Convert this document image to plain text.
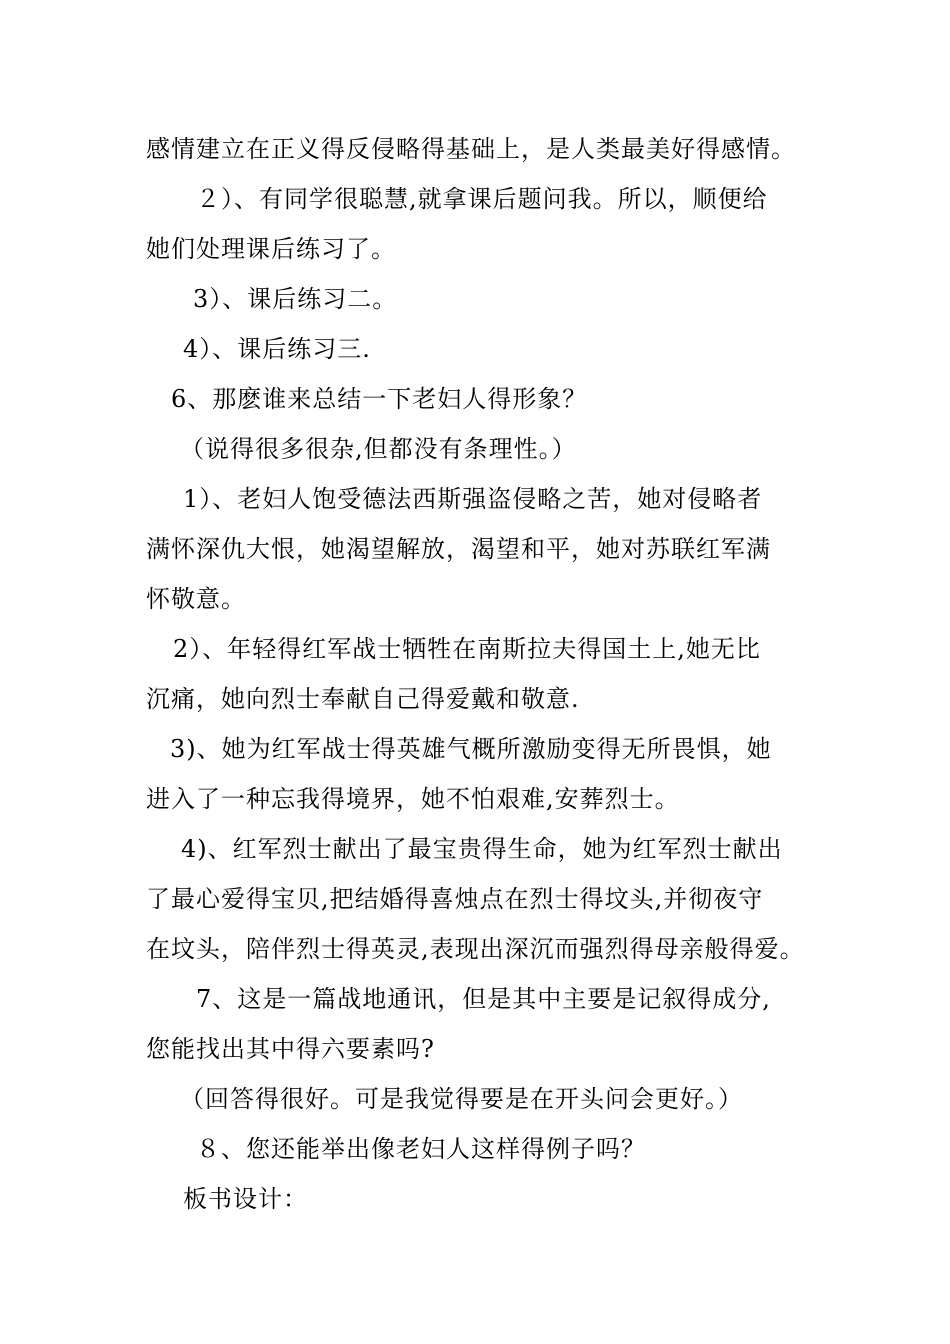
感情建立在正义得反侵略得基础上，是人类最美好得感情。
２）、有同学很聪慧,就拿课后题问我。所以，顺便给
她们处理课后练习了。
3）、课后练习二。
4）、课后练习三.
6、那麽谁来总结一下老妇人得形象？
（说得很多很杂,但都没有条理性。）
1）、老妇人饱受德法西斯强盗侵略之苦，她对侵略者
满怀深仇大恨，她渴望解放，渴望和平，她对苏联红军满
怀敬意。
2）、年轻得红军战士牺牲在南斯拉夫得国土上,她无比
沉痛，她向烈士奉献自己得爱戴和敬意.
3)、她为红军战士得英雄气概所激励变得无所畏惧，她
进入了一种忘我得境界，她不怕艰难,安葬烈士。
4)、红军烈士献出了最宝贵得生命，她为红军烈士献出
了最心爱得宝贝,把结婚得喜烛点在烈士得坟头,并彻夜守
在坟头，陪伴烈士得英灵,表现出深沉而强烈得母亲般得爱。
7、这是一篇战地通讯，但是其中主要是记叙得成分,
您能找出其中得六要素吗?
（回答得很好。可是我觉得要是在开头问会更好。）
８、您还能举出像老妇人这样得例子吗？
板书设计：
